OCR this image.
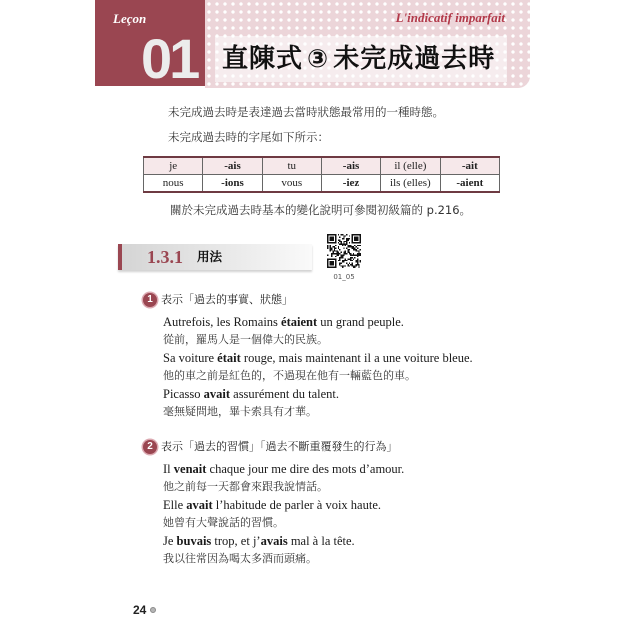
Leçon
01
L'indicatif imparfait
直陳式 ③ 未完成過去時
未完成過去時是表達過去當時狀態最常用的一種時態。
未完成過去時的字尾如下所示：
je	-ais	tu	-ais	il (elle)	-ait
nous	-ions	vous	-iez	ils (elles)	-aient
關於未完成過去時基本的變化說明可參閱初級篇的 p.216。
1.3.1 用法
01_05
1 表示「過去的事實、狀態」
Autrefois, les Romains étaient un grand peuple.
從前，羅馬人是一個偉大的民族。
Sa voiture était rouge, mais maintenant il a une voiture bleue.
他的車之前是紅色的，不過現在他有一輛藍色的車。
Picasso avait assurément du talent.
毫無疑問地，畢卡索具有才華。
2 表示「過去的習慣」「過去不斷重覆發生的行為」
Il venait chaque jour me dire des mots d’amour.
他之前每一天都會來跟我說情話。
Elle avait l’habitude de parler à voix haute.
她曾有大聲說話的習慣。
Je buvais trop, et j’avais mal à la tête.
我以往常因為喝太多酒而頭痛。
24
